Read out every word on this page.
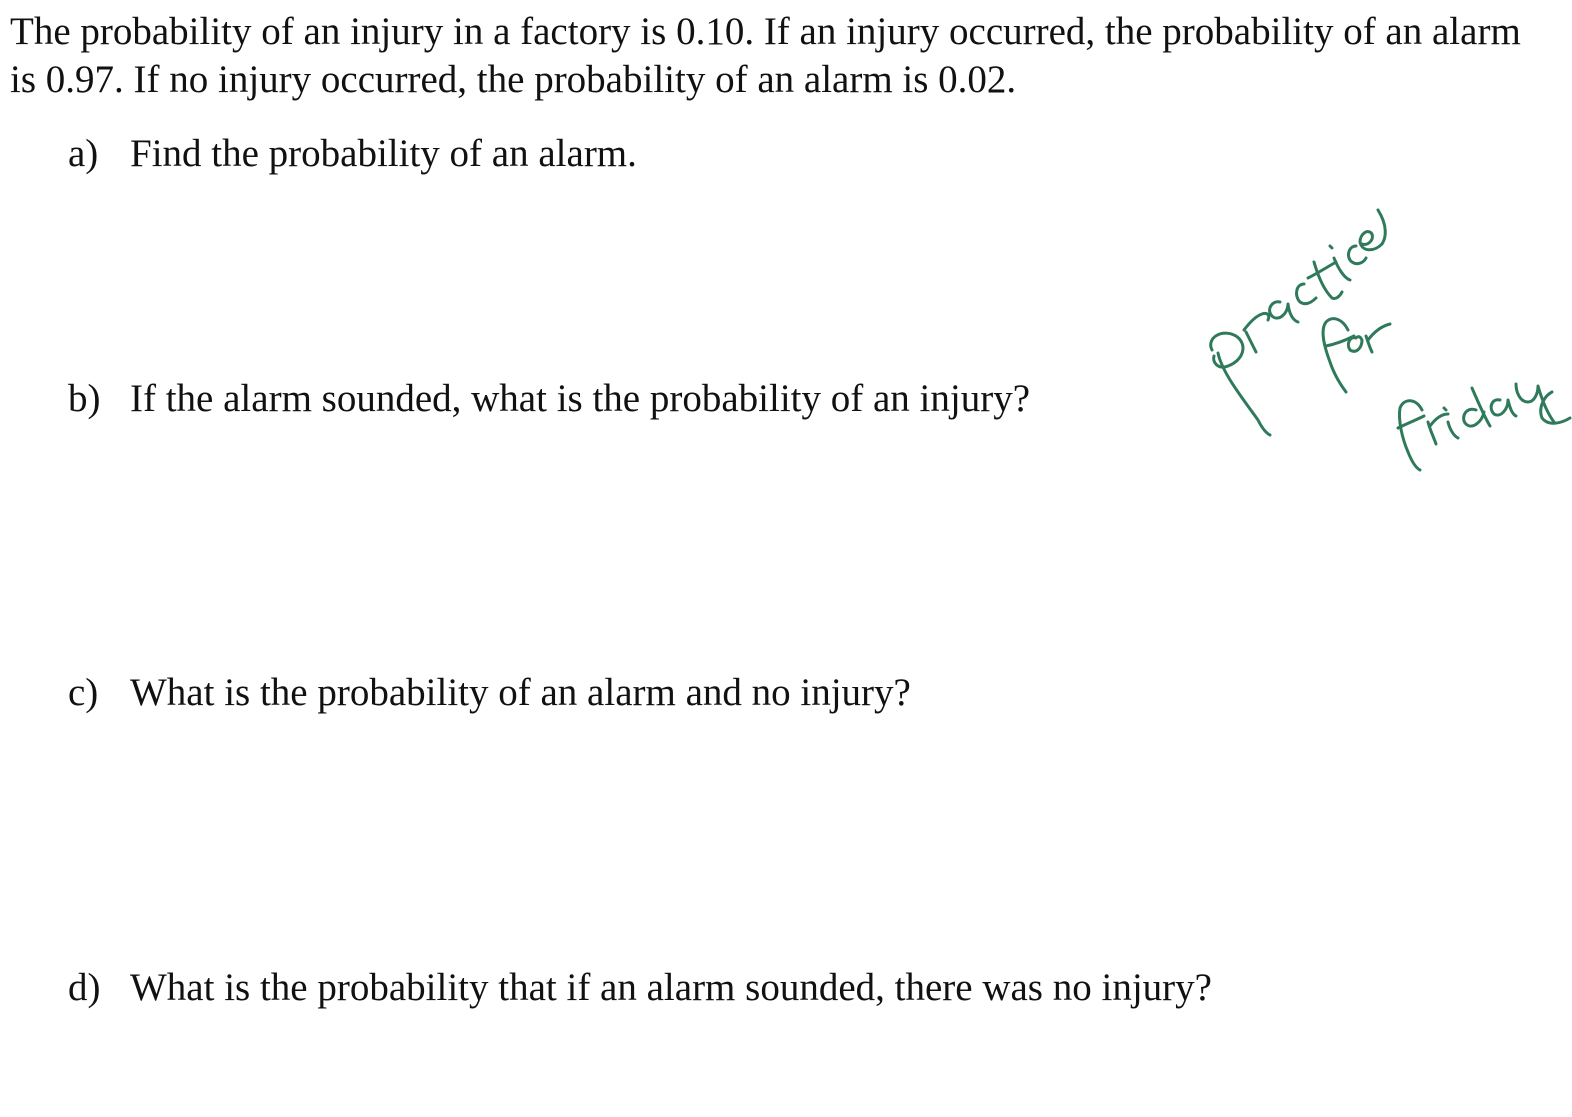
The probability of an injury in a factory is 0.10. If an injury occurred, the probability of an alarm
is 0.97. If no injury occurred, the probability of an alarm is 0.02.

a) Find the probability of an alarm.
b) If the alarm sounded, what is the probability of an injury?
c) What is the probability of an alarm and no injury?
d) What is the probability that if an alarm sounded, there was no injury?
